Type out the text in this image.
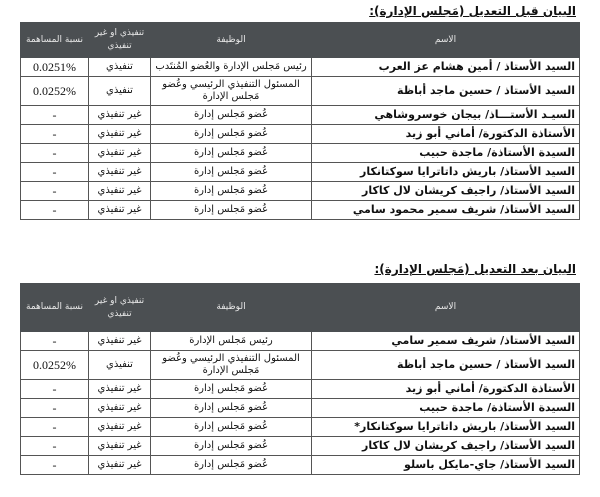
البيان قبل التعديل (مَجلس الإدارة):
الاسم	الوظيفة	تنفيذي او غير تنفيذي	نسبة المساهمة
السيد الأستاذ / أمين هشام عز العرب	رئيس مَجلس الإدارة والعُضو المُنتَدب	تنفيذي	0.0251%
السيد الأستاذ / حسين ماجد أباظة	المسئول التنفيذي الرئيسي وعُضو مَجلس الإدارة	تنفيذي	0.0252%
السيـد الأستـــاذ/ بيجان خوسروشاهي	عُضو مَجلس إدارة	غير تنفيذي	-
الأستاذة الدكتورة/ أماني أبو زيد	عُضو مَجلس إدارة	غير تنفيذي	-
السيدة الأستاذة/ ماجدة حبيب	عُضو مَجلس إدارة	غير تنفيذي	-
السيد الأستاذ/ باريش داتاترايا سوكتانكار	عُضو مَجلس إدارة	غير تنفيذي	-
السيد الأستاذ/ راجيف كريشان لال كاكار	عُضو مَجلس إدارة	غير تنفيذي	-
السيد الأستاذ/ شريف سمير محمود سامي	عُضو مَجلس إدارة	غير تنفيذي	-
البيان بعد التعديل (مَجلس الإدارة):
الاسم	الوظيفة	تنفيذي او غير تنفيذي	نسبة المساهمة
السيد الأستاذ/ شريف سمير سامي	رئيس مَجلس الإدارة	غير تنفيذي	-
السيد الأستاذ / حسين ماجد أباظة	المسئول التنفيذي الرئيسي وعُضو مَجلس الإدارة	تنفيذي	0.0252%
الأستاذة الدكتورة/ أماني أبو زيد	عُضو مَجلس إدارة	غير تنفيذي	-
السيدة الأستاذة/ ماجدة حبيب	عُضو مَجلس إدارة	غير تنفيذي	-
السيد الأستاذ/ باريش داتاترايا سوكتانكار*	عُضو مَجلس إدارة	غير تنفيذي	-
السيد الأستاذ/ راجيف كريشان لال كاكار	عُضو مَجلس إدارة	غير تنفيذي	-
السيد الأستاذ/ جاي-مايكل باسلو	عُضو مَجلس إدارة	غير تنفيذي	-
